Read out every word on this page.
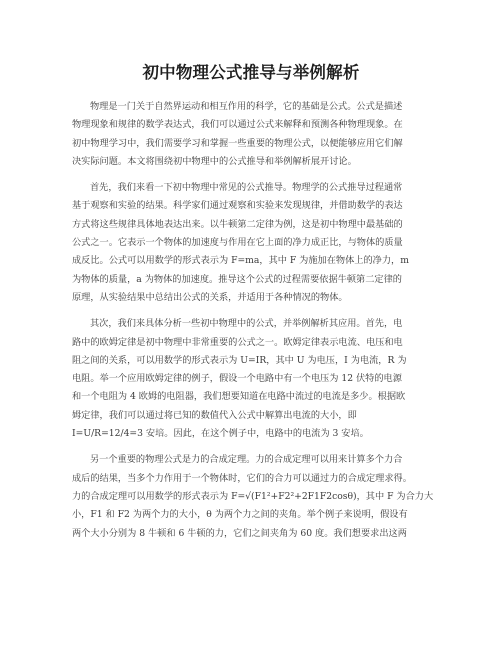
初中物理公式推导与举例解析
物理是一门关于自然界运动和相互作用的科学，它的基础是公式。公式是描述
物理现象和规律的数学表达式，我们可以通过公式来解释和预测各种物理现象。在
初中物理学习中，我们需要学习和掌握一些重要的物理公式，以便能够应用它们解
决实际问题。本文将围绕初中物理中的公式推导和举例解析展开讨论。
首先，我们来看一下初中物理中常见的公式推导。物理学的公式推导过程通常
基于观察和实验的结果。科学家们通过观察和实验来发现规律，并借助数学的表达
方式将这些规律具体地表达出来。以牛顿第二定律为例，这是初中物理中最基础的
公式之一。它表示一个物体的加速度与作用在它上面的净力成正比，与物体的质量
成反比。公式可以用数学的形式表示为 F=ma，其中 F 为施加在物体上的净力，m
为物体的质量，a 为物体的加速度。推导这个公式的过程需要依据牛顿第二定律的
原理，从实验结果中总结出公式的关系，并适用于各种情况的物体。
其次，我们来具体分析一些初中物理中的公式，并举例解析其应用。首先，电
路中的欧姆定律是初中物理中非常重要的公式之一。欧姆定律表示电流、电压和电
阻之间的关系，可以用数学的形式表示为 U=IR，其中 U 为电压，I 为电流，R 为
电阻。举一个应用欧姆定律的例子，假设一个电路中有一个电压为 12 伏特的电源
和一个电阻为 4 欧姆的电阻器，我们想要知道在电路中流过的电流是多少。根据欧
姆定律，我们可以通过将已知的数值代入公式中解算出电流的大小，即
I=U/R=12/4=3 安培。因此，在这个例子中，电路中的电流为 3 安培。
另一个重要的物理公式是力的合成定理。力的合成定理可以用来计算多个力合
成后的结果，当多个力作用于一个物体时，它们的合力可以通过力的合成定理求得。
力的合成定理可以用数学的形式表示为 F=√(F1²+F2²+2F1F2cosθ)，其中 F 为合力大
小，F1 和 F2 为两个力的大小，θ 为两个力之间的夹角。举个例子来说明，假设有
两个大小分别为 8 牛顿和 6 牛顿的力，它们之间夹角为 60 度。我们想要求出这两
